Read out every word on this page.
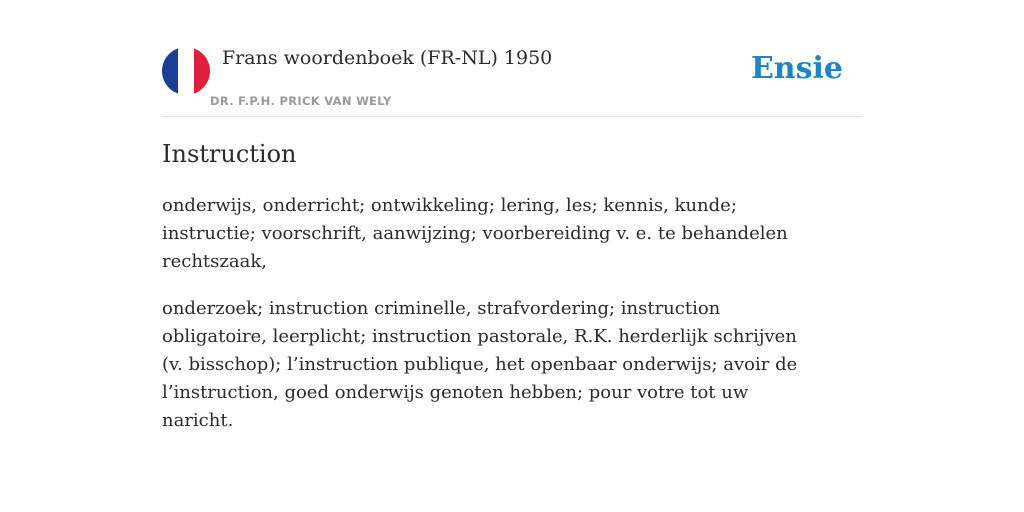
Frans woordenboek (FR-NL) 1950
DR. F.P.H. PRICK VAN WELY
Ensie
Instruction

onderwijs, onderricht; ontwikkeling; lering, les; kennis, kunde; instructie; voorschrift, aanwijzing; voorbereiding v. e. te behandelen rechtszaak,

onderzoek; instruction criminelle, strafvordering; instruction obligatoire, leerplicht; instruction pastorale, R.K. herderlijk schrijven (v. bisschop); l’instruction publique, het openbaar onderwijs; avoir de l’instruction, goed onderwijs genoten hebben; pour votre tot uw naricht.
